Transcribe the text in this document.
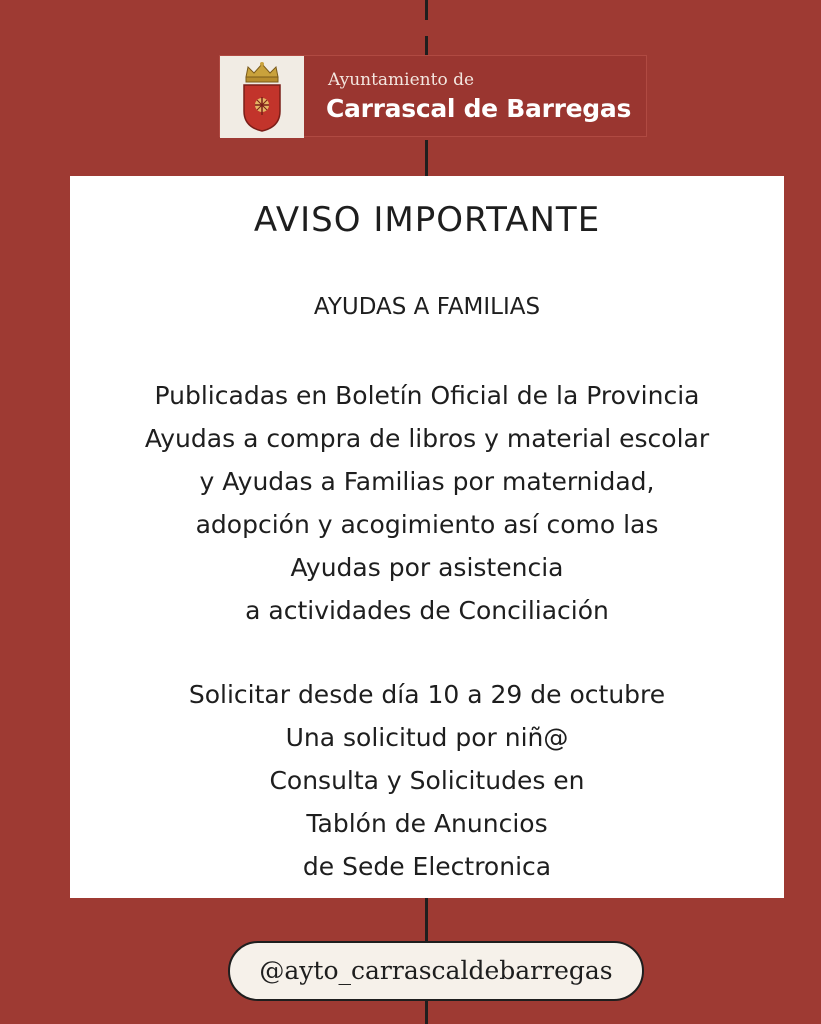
Ayuntamiento de
Carrascal de Barregas
AVISO IMPORTANTE
AYUDAS A FAMILIAS
Publicadas en Boletín Oficial de la Provincia
Ayudas a compra de libros y material escolar
y Ayudas a Familias por maternidad,
adopción y acogimiento así como las
Ayudas por asistencia
a actividades de Conciliación
Solicitar desde día 10 a 29 de octubre
Una solicitud por niñ@
Consulta y Solicitudes en
Tablón de Anuncios
de Sede Electronica
@ayto_carrascaldebarregas
